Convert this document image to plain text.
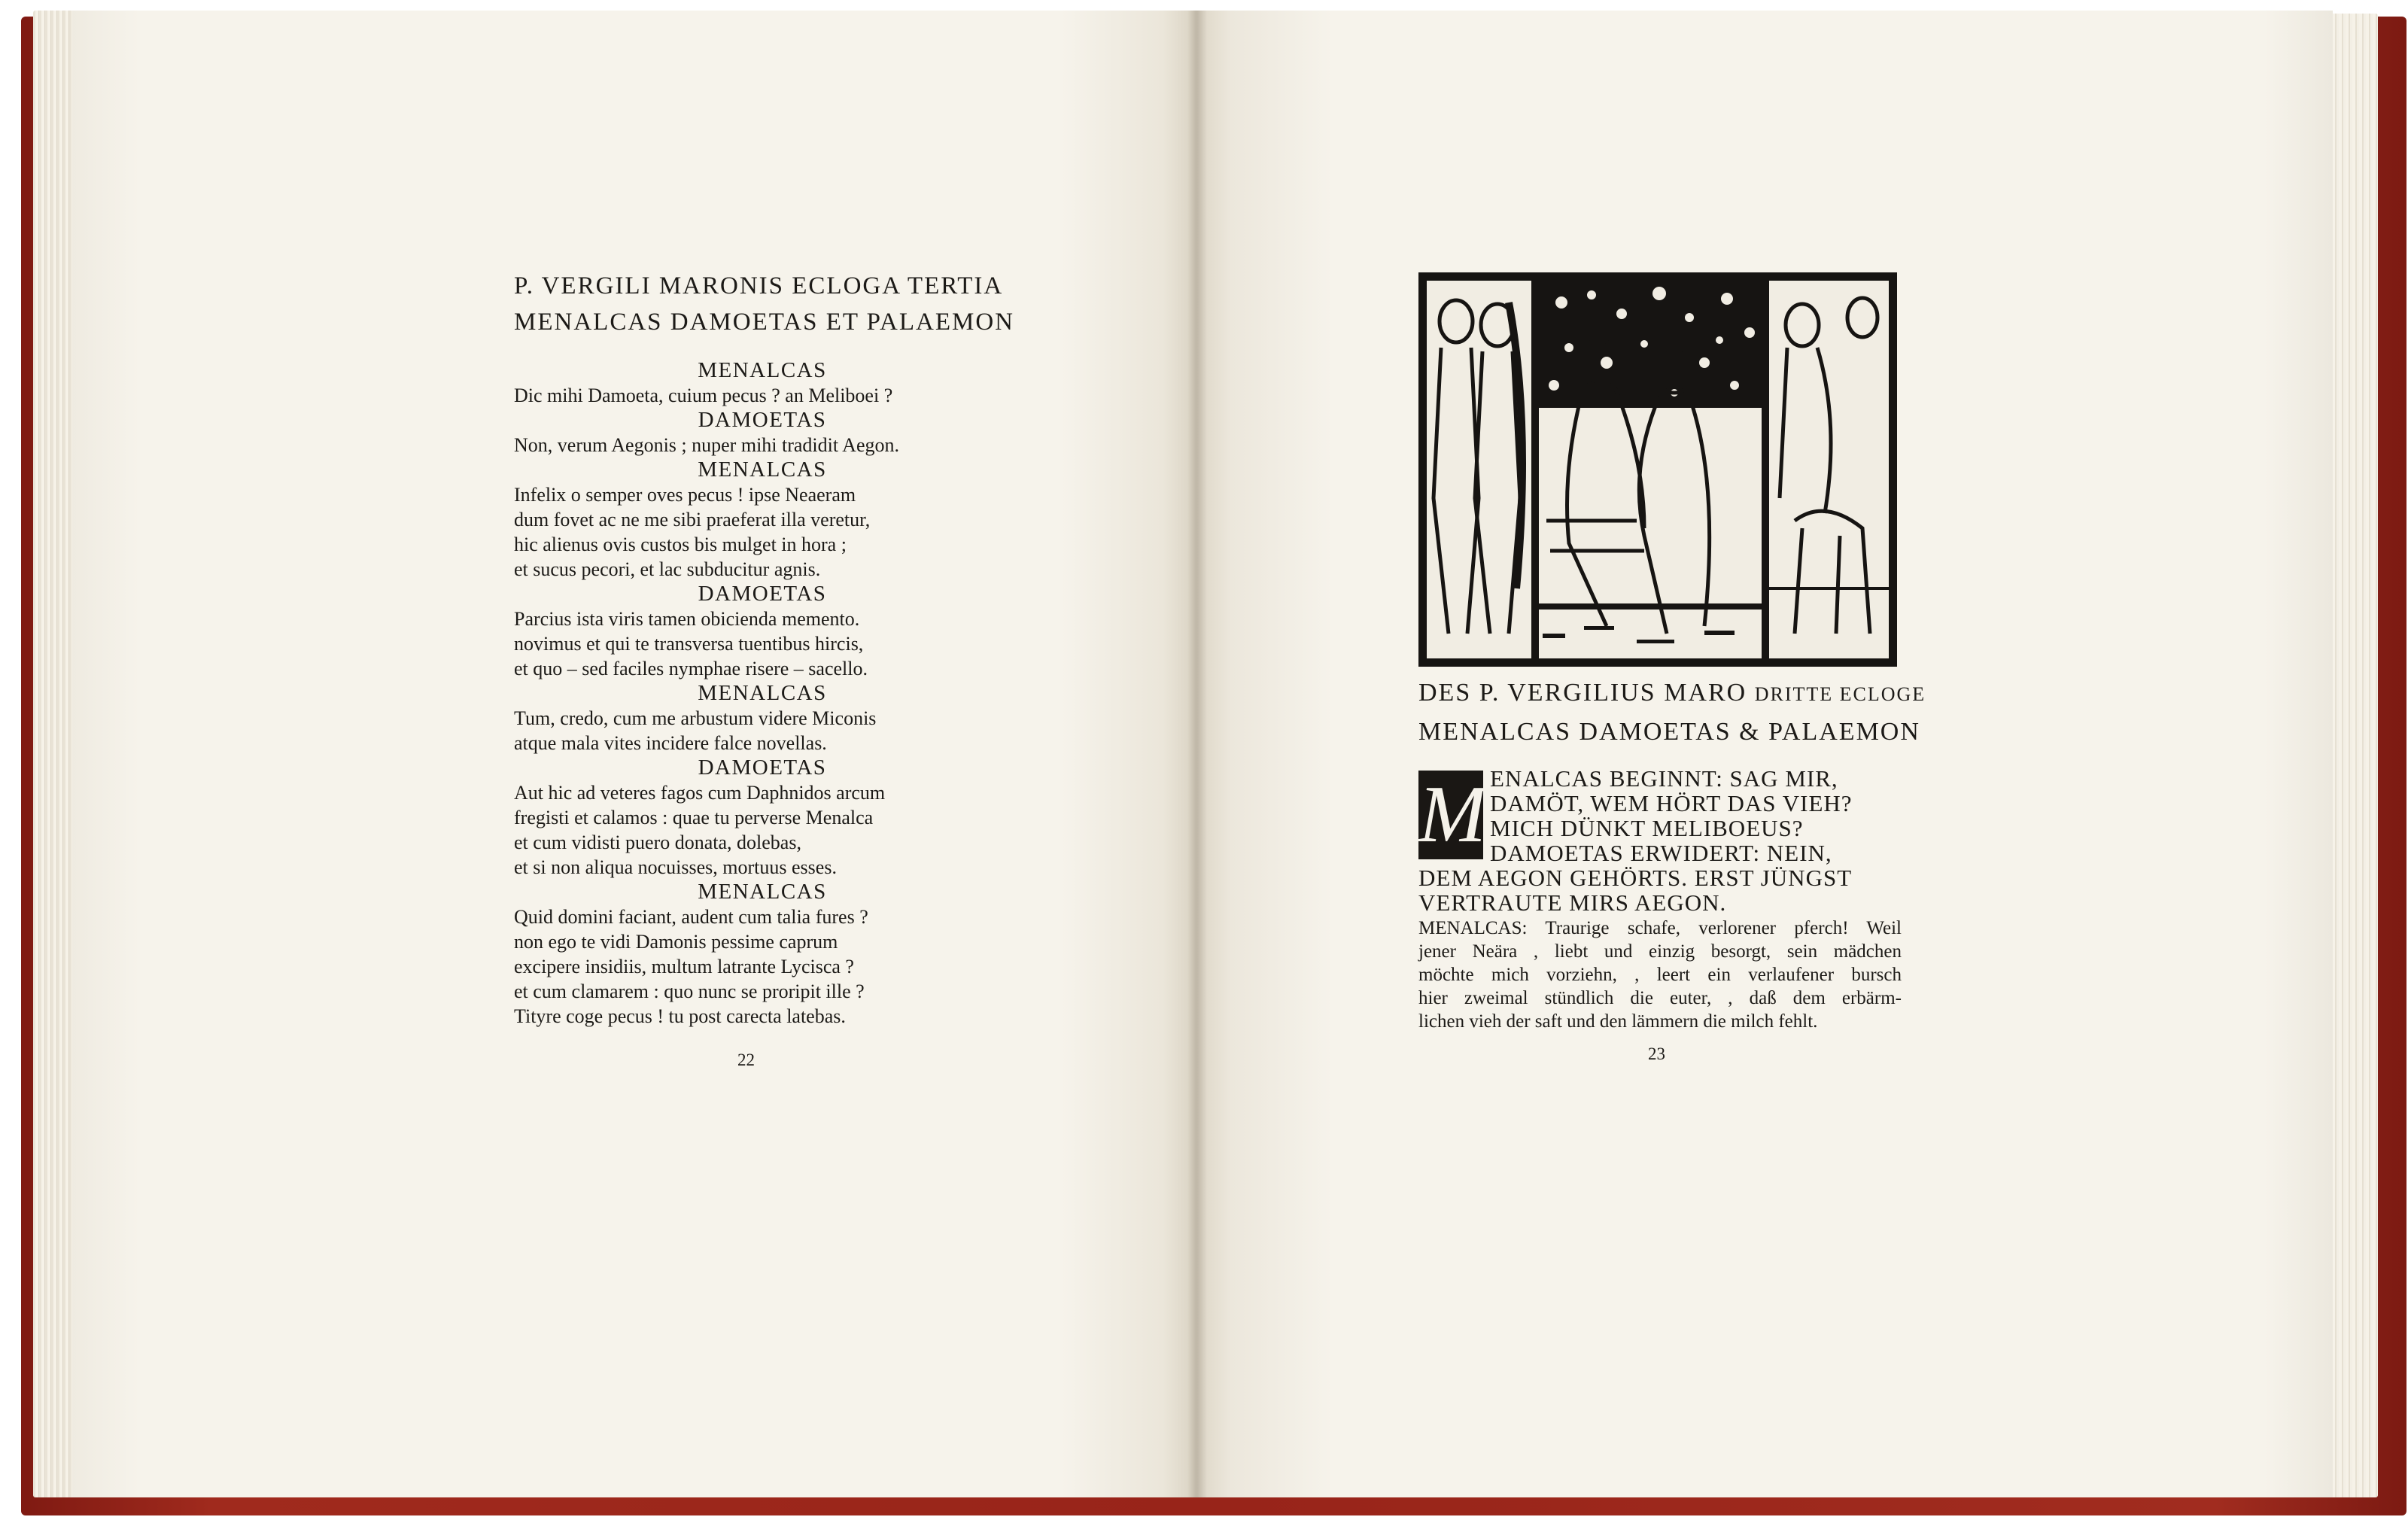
P. VERGILI MARONIS ECLOGA TERTIA

MENALCAS DAMOETAS ET PALAEMON

MENALCAS
Dic mihi Damoeta, cuium pecus ? an Meliboei ?
DAMOETAS
Non, verum Aegonis ; nuper mihi tradidit Aegon.
MENALCAS
Infelix o semper oves pecus ! ipse Neaeram
dum fovet ac ne me sibi praeferat illa veretur,
hic alienus ovis custos bis mulget in hora ;
et sucus pecori, et lac subducitur agnis.
DAMOETAS
Parcius ista viris tamen obicienda memento.
novimus et qui te transversa tuentibus hircis,
et quo – sed faciles nymphae risere – sacello.
MENALCAS
Tum, credo, cum me arbustum videre Miconis
atque mala vites incidere falce novellas.
DAMOETAS
Aut hic ad veteres fagos cum Daphnidos arcum
fregisti et calamos : quae tu perverse Menalca
et cum vidisti puero donata, dolebas,
et si non aliqua nocuisses, mortuus esses.
MENALCAS
Quid domini faciant, audent cum talia fures ?
non ego te vidi Damonis pessime caprum
excipere insidiis, multum latrante Lycisca ?
et cum clamarem : quo nunc se proripit ille ?
Tityre coge pecus ! tu post carecta latebas.
22
DES P. VERGILIUS MARO DRITTE ECLOGE
MENALCAS DAMOETAS & PALAEMON
M ENALCAS BEGINNT: SAG MIR,
DAMÖT, WEM HÖRT DAS VIEH?
MICH DÜNKT MELIBOEUS?
DAMOETAS ERWIDERT: NEIN,
DEM AEGON GEHÖRTS. ERST JÜNGST
VERTRAUTE MIRS AEGON.
MENALCAS: Traurige schafe, verlorener pferch! Weil
jener Neära , liebt und einzig besorgt, sein mädchen
möchte mich vorziehn, , leert ein verlaufener bursch
hier zweimal stündlich die euter, , daß dem erbärm-
lichen vieh der saft und den lämmern die milch fehlt.
23
